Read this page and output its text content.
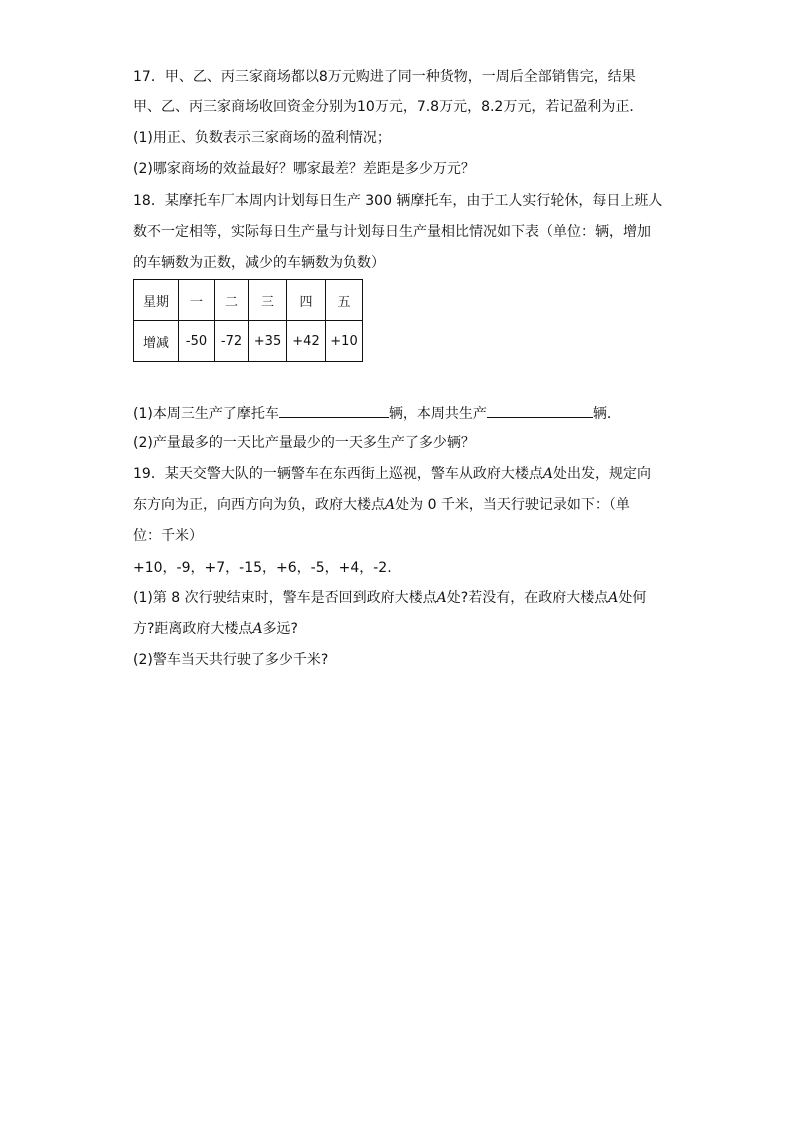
17．甲、乙、丙三家商场都以8万元购进了同一种货物，一周后全部销售完，结果
甲、乙、丙三家商场收回资金分别为10万元，7.8万元，8.2万元，若记盈利为正．
(1)用正、负数表示三家商场的盈利情况；
(2)哪家商场的效益最好？哪家最差？差距是多少万元？
18．某摩托车厂本周内计划每日生产 300 辆摩托车，由于工人实行轮休，每日上班人
数不一定相等，实际每日生产量与计划每日生产量相比情况如下表（单位：辆，增加
的车辆数为正数，减少的车辆数为负数）
星期	一	二	三	四	五
增减	-50	-72	+35	+42	+10
(1)本周三生产了摩托车	辆，本周共生产	辆．
(2)产量最多的一天比产量最少的一天多生产了多少辆？
19．某天交警大队的一辆警车在东西街上巡视，警车从政府大楼点A处出发，规定向
东方向为正，向西方向为负，政府大楼点A处为 0 千米，当天行驶记录如下：（单
位：千米）
+10，-9，+7，-15，+6，-5，+4，-2.
(1)第 8 次行驶结束时，警车是否回到政府大楼点A处?若没有，在政府大楼点A处何
方?距离政府大楼点A多远?
(2)警车当天共行驶了多少千米?
